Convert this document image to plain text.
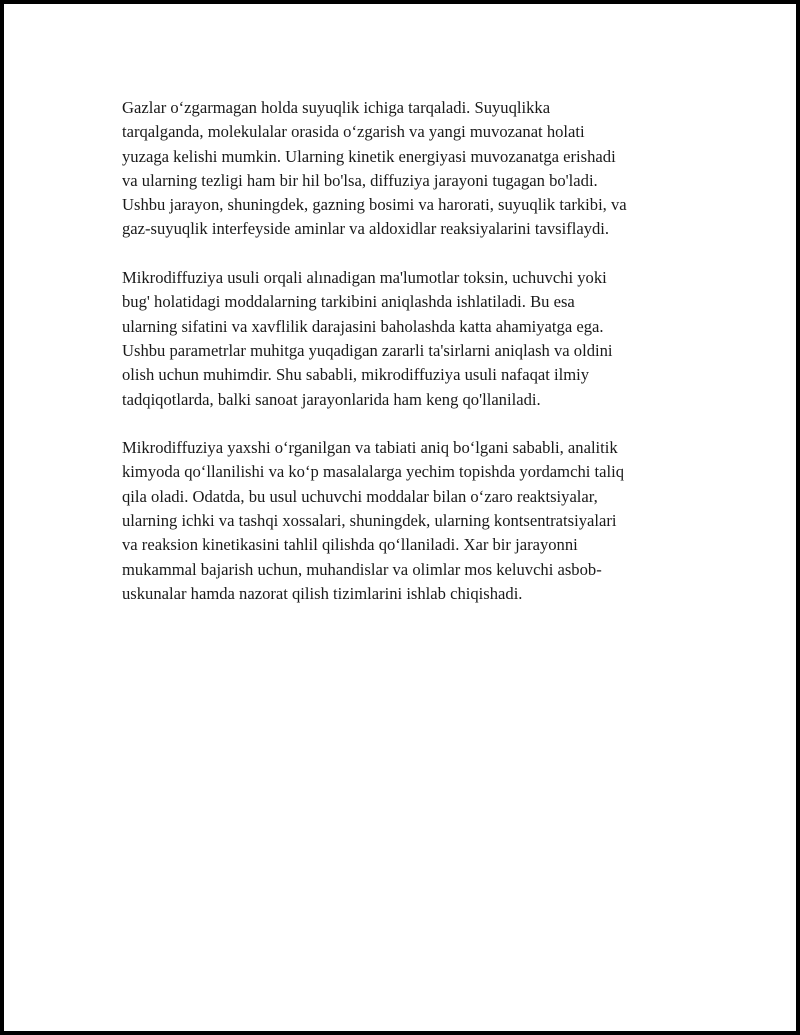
Gazlar o‘zgarmagan holda suyuqlik ichiga tarqaladi. Suyuqlikka
tarqalganda, molekulalar orasida o‘zgarish va yangi muvozanat holati
yuzaga kelishi mumkin. Ularning kinetik energiyasi muvozanatga erishadi
va ularning tezligi ham bir hil bo'lsa, diffuziya jarayoni tugagan bo'ladi.
Ushbu jarayon, shuningdek, gazning bosimi va harorati, suyuqlik tarkibi, va
gaz-suyuqlik interfeyside aminlar va aldoxidlar reaksiyalarini tavsiflaydi.

Mikrodiffuziya usuli orqali alınadigan ma'lumotlar toksin, uchuvchi yoki
bug' holatidagi moddalarning tarkibini aniqlashda ishlatiladi. Bu esa
ularning sifatini va xavflilik darajasini baholashda katta ahamiyatga ega.
Ushbu parametrlar muhitga yuqadigan zararli ta'sirlarni aniqlash va oldini
olish uchun muhimdir. Shu sababli, mikrodiffuziya usuli nafaqat ilmiy
tadqiqotlarda, balki sanoat jarayonlarida ham keng qo'llaniladi.

Mikrodiffuziya yaxshi o‘rganilgan va tabiati aniq bo‘lgani sababli, analitik
kimyoda qo‘llanilishi va ko‘p masalalarga yechim topishda yordamchi taliq
qila oladi. Odatda, bu usul uchuvchi moddalar bilan o‘zaro reaktsiyalar,
ularning ichki va tashqi xossalari, shuningdek, ularning kontsentratsiyalari
va reaksion kinetikasini tahlil qilishda qo‘llaniladi. Xar bir jarayonni
mukammal bajarish uchun, muhandislar va olimlar mos keluvchi asbob-
uskunalar hamda nazorat qilish tizimlarini ishlab chiqishadi.
